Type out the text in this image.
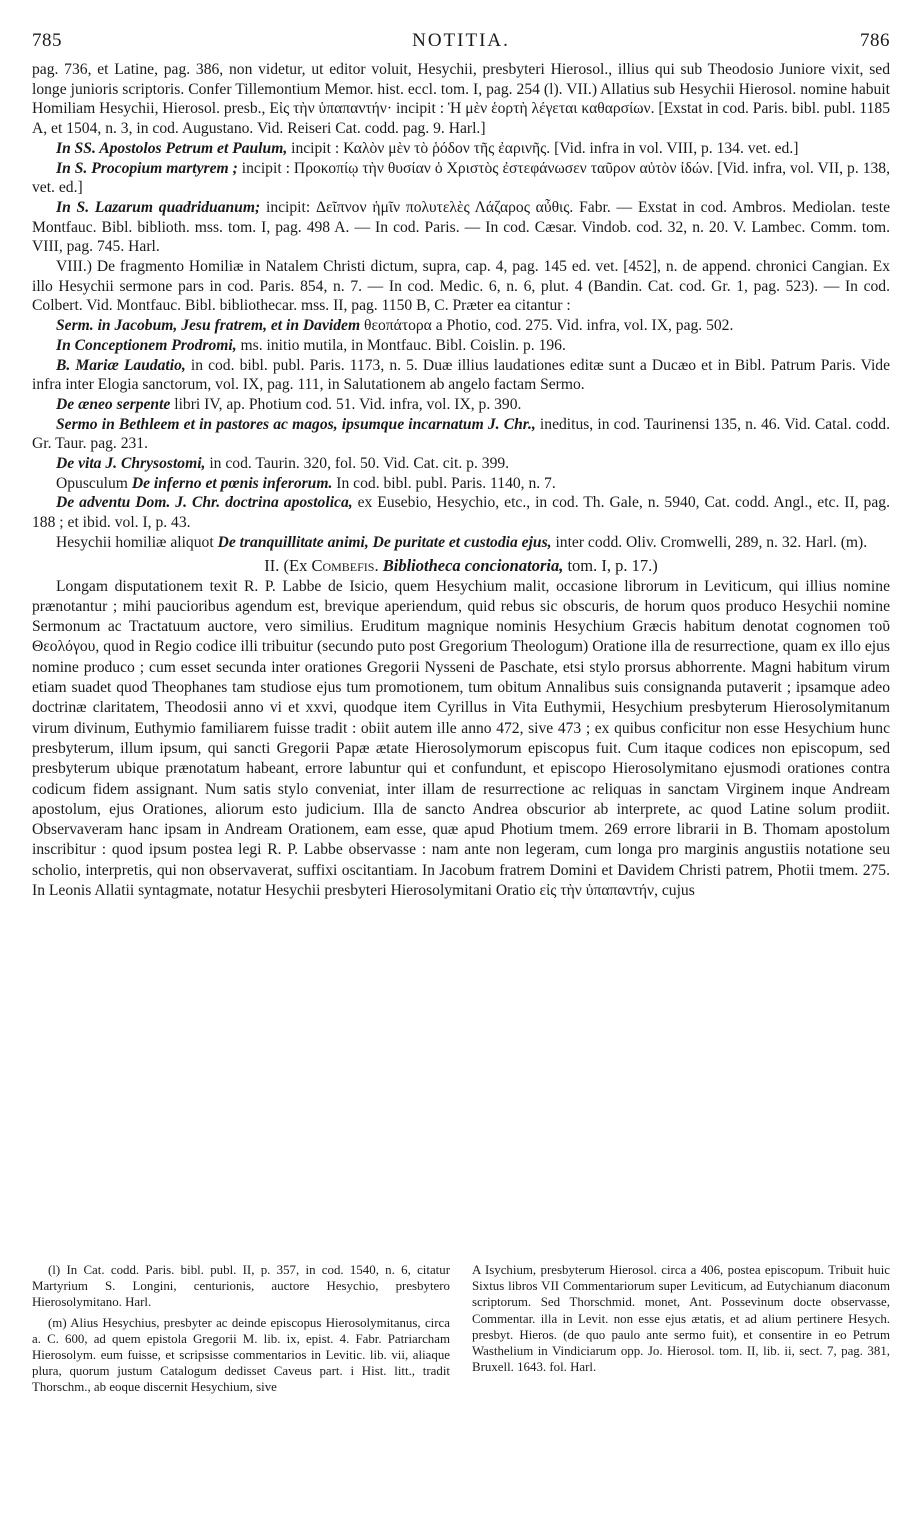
785	NOTITIA.	786

pag. 736, et Latine, pag. 386, non videtur, ut editor voluit, Hesychii, presbyteri Hierosol., illius qui sub Theodosio Juniore vixit, sed longe junioris scriptoris. Confer Tillemontium Memor. hist. eccl. tom. I, pag. 254 (l). VII.) Allatius sub Hesychii Hierosol. nomine habuit Homiliam Hesychii, Hierosol. presb., Εἰς τὴν ὑπαπαντήν· incipit : Ἡ μὲν ἑορτὴ λέγεται καθαρσίων. [Exstat in cod. Paris. bibl. publ. 1185 A, et 1504, n. 3, in cod. Augustano. Vid. Reiseri Cat. codd. pag. 9. Harl.]

In SS. Apostolos Petrum et Paulum, incipit : Καλὸν μὲν τὸ ῥόδον τῆς ἐαρινῆς. [Vid. infra in vol. VIII, p. 134. vet. ed.]

In S. Procopium martyrem ; incipit : Προκοπίῳ τὴν θυσίαν ὁ Χριστὸς ἐστεφάνωσεν ταῦρον αὐτὸν ἰδών. [Vid. infra, vol. VII, p. 138, vet. ed.]

In S. Lazarum quadriduanum; incipit: Δεῖπνον ἡμῖν πολυτελὲς Λάζαρος αὖθις. Fabr. — Exstat in cod. Ambros. Mediolan. teste Montfauc. Bibl. biblioth. mss. tom. I, pag. 498 A. — In cod. Paris. — In cod. Cæsar. Vindob. cod. 32, n. 20. V. Lambec. Comm. tom. VIII, pag. 745. Harl.

VIII.) De fragmento Homiliæ in Natalem Christi dictum, supra, cap. 4, pag. 145 ed. vet. [452], n. de append. chronici Cangian. Ex illo Hesychii sermone pars in cod. Paris. 854, n. 7. — In cod. Medic. 6, n. 6, plut. 4 (Bandin. Cat. cod. Gr. 1, pag. 523). — In cod. Colbert. Vid. Montfauc. Bibl. bibliothecar. mss. II, pag. 1150 B, C. Præter ea citantur :

Serm. in Jacobum, Jesu fratrem, et in Davidem θεοπάτορα a Photio, cod. 275. Vid. infra, vol. IX, pag. 502.

In Conceptionem Prodromi, ms. initio mutila, in Montfauc. Bibl. Coislin. p. 196.

B. Mariæ Laudatio, in cod. bibl. publ. Paris. 1173, n. 5. Duæ illius laudationes editæ sunt a Ducæo et in Bibl. Patrum Paris. Vide infra inter Elogia sanctorum, vol. IX, pag. 111, in Salutationem ab angelo factam Sermo.

De æneo serpente libri IV, ap. Photium cod. 51. Vid. infra, vol. IX, p. 390.

Sermo in Bethleem et in pastores ac magos, ipsumque incarnatum J. Chr., ineditus, in cod. Taurinensi 135, n. 46. Vid. Catal. codd. Gr. Taur. pag. 231.

De vita J. Chrysostomi, in cod. Taurin. 320, fol. 50. Vid. Cat. cit. p. 399.

Opusculum De inferno et pœnis inferorum. In cod. bibl. publ. Paris. 1140, n. 7.

De adventu Dom. J. Chr. doctrina apostolica, ex Eusebio, Hesychio, etc., in cod. Th. Gale, n. 5940, Cat. codd. Angl., etc. II, pag. 188 ; et ibid. vol. I, p. 43.

Hesychii homiliæ aliquot De tranquillitate animi, De puritate et custodia ejus, inter codd. Oliv. Cromwelli, 289, n. 32. Harl. (m).

II. (Ex Combefis. Bibliotheca concionatoria, tom. I, p. 17.)

Longam disputationem texit R. P. Labbe de Isicio, quem Hesychium malit, occasione librorum in Leviticum, qui illius nomine prænotantur ; mihi paucioribus agendum est, brevique aperiendum, quid rebus sic obscuris, de horum quos produco Hesychii nomine Sermonum ac Tractatuum auctore, vero similius. Eruditum magnique nominis Hesychium Græcis habitum denotat cognomen τοῦ Θεολόγου, quod in Regio codice illi tribuitur (secundo puto post Gregorium Theologum) Oratione illa de resurrectione, quam ex illo ejus nomine produco ; cum esset secunda inter orationes Gregorii Nysseni de Paschate, etsi stylo prorsus abhorrente. Magni habitum virum etiam suadet quod Theophanes tam studiose ejus tum promotionem, tum obitum Annalibus suis consignanda putaverit ; ipsamque adeo doctrinæ claritatem, Theodosii anno vi et xxvi, quodque item Cyrillus in Vita Euthymii, Hesychium presbyterum Hierosolymitanum virum divinum, Euthymio familiarem fuisse tradit : obiit autem ille anno 472, sive 473 ; ex quibus conficitur non esse Hesychium hunc presbyterum, illum ipsum, qui sancti Gregorii Papæ ætate Hierosolymorum episcopus fuit. Cum itaque codices non episcopum, sed presbyterum ubique prænotatum habeant, errore labuntur qui et confundunt, et episcopo Hierosolymitano ejusmodi orationes contra codicum fidem assignant. Num satis stylo conveniat, inter illam de resurrectione ac reliquas in sanctam Virginem inque Andream apostolum, ejus Orationes, aliorum esto judicium. Illa de sancto Andrea obscurior ab interprete, ac quod Latine solum prodiit. Observaveram hanc ipsam in Andream Orationem, eam esse, quæ apud Photium tmem. 269 errore librarii in B. Thomam apostolum inscribitur : quod ipsum postea legi R. P. Labbe observasse : nam ante non legeram, cum longa pro marginis angustiis notatione seu scholio, interpretis, qui non observaverat, suffixi oscitantiam. In Jacobum fratrem Domini et Davidem Christi patrem, Photii tmem. 275. In Leonis Allatii syntagmate, notatur Hesychii presbyteri Hierosolymitani Oratio εἰς τὴν ὑπαπαντήν, cujus

(l) In Cat. codd. Paris. bibl. publ. II, p. 357, in cod. 1540, n. 6, citatur Martyrium S. Longini, centurionis, auctore Hesychio, presbytero Hierosolymitano. Harl.

(m) Alius Hesychius, presbyter ac deinde episcopus Hierosolymitanus, circa a. C. 600, ad quem epistola Gregorii M. lib. ix, epist. 4. Fabr. Patriarcham Hierosolym. eum fuisse, et scripsisse commentarios in Levitic. lib. vii, aliaque plura, quorum justum Catalogum dedisset Caveus part. i Hist. litt., tradit Thorschm., ab eoque discernit Hesychium, sive

A Isychium, presbyterum Hierosol. circa a 406, postea episcopum. Tribuit huic Sixtus libros VII Commentariorum super Leviticum, ad Eutychianum diaconum scriptorum. Sed Thorschmid. monet, Ant. Possevinum docte observasse, Commentar. illa in Levit. non esse ejus ætatis, et ad alium pertinere Hesych. presbyt. Hieros. (de quo paulo ante sermo fuit), et consentire in eo Petrum Wasthelium in Vindiciarum opp. Jo. Hierosol. tom. II, lib. ii, sect. 7, pag. 381, Bruxell. 1643. fol. Harl.
